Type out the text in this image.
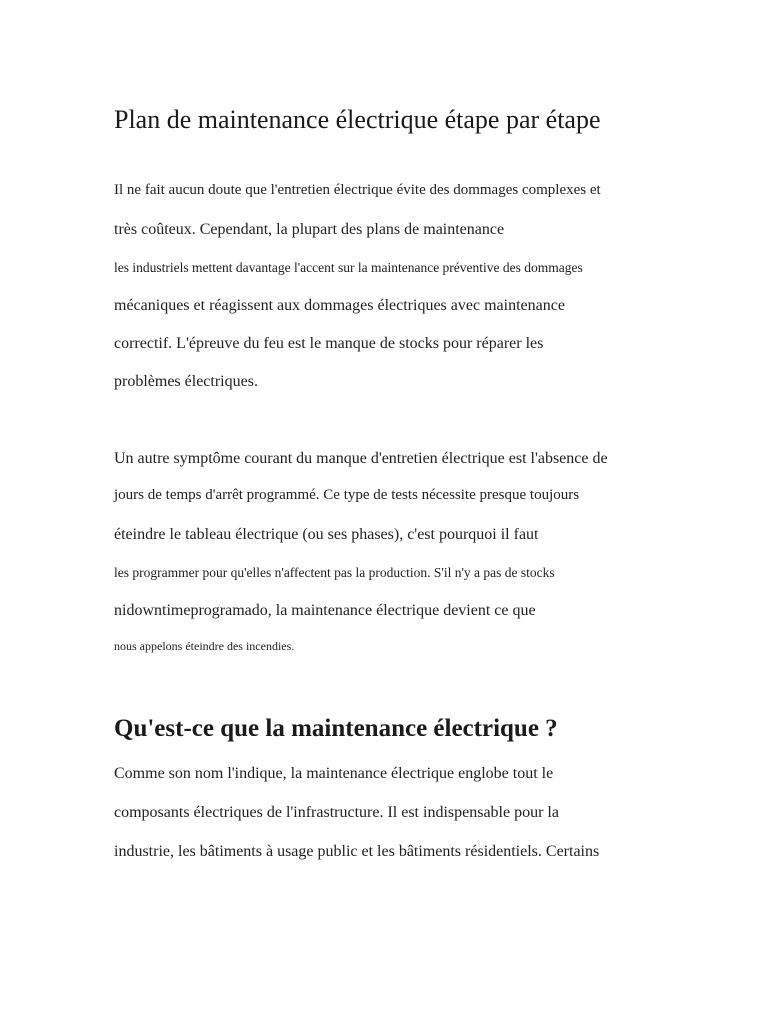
Plan de maintenance électrique étape par étape

Il ne fait aucun doute que l'entretien électrique évite des dommages complexes et

très coûteux. Cependant, la plupart des plans de maintenance

les industriels mettent davantage l'accent sur la maintenance préventive des dommages

mécaniques et réagissent aux dommages électriques avec maintenance

correctif. L'épreuve du feu est le manque de stocks pour réparer les

problèmes électriques.

Un autre symptôme courant du manque d'entretien électrique est l'absence de

jours de temps d'arrêt programmé. Ce type de tests nécessite presque toujours

éteindre le tableau électrique (ou ses phases), c'est pourquoi il faut

les programmer pour qu'elles n'affectent pas la production. S'il n'y a pas de stocks

nidowntimeprogramado, la maintenance électrique devient ce que

nous appelons éteindre des incendies.

Qu'est-ce que la maintenance électrique ?

Comme son nom l'indique, la maintenance électrique englobe tout le

composants électriques de l'infrastructure. Il est indispensable pour la

industrie, les bâtiments à usage public et les bâtiments résidentiels. Certains
